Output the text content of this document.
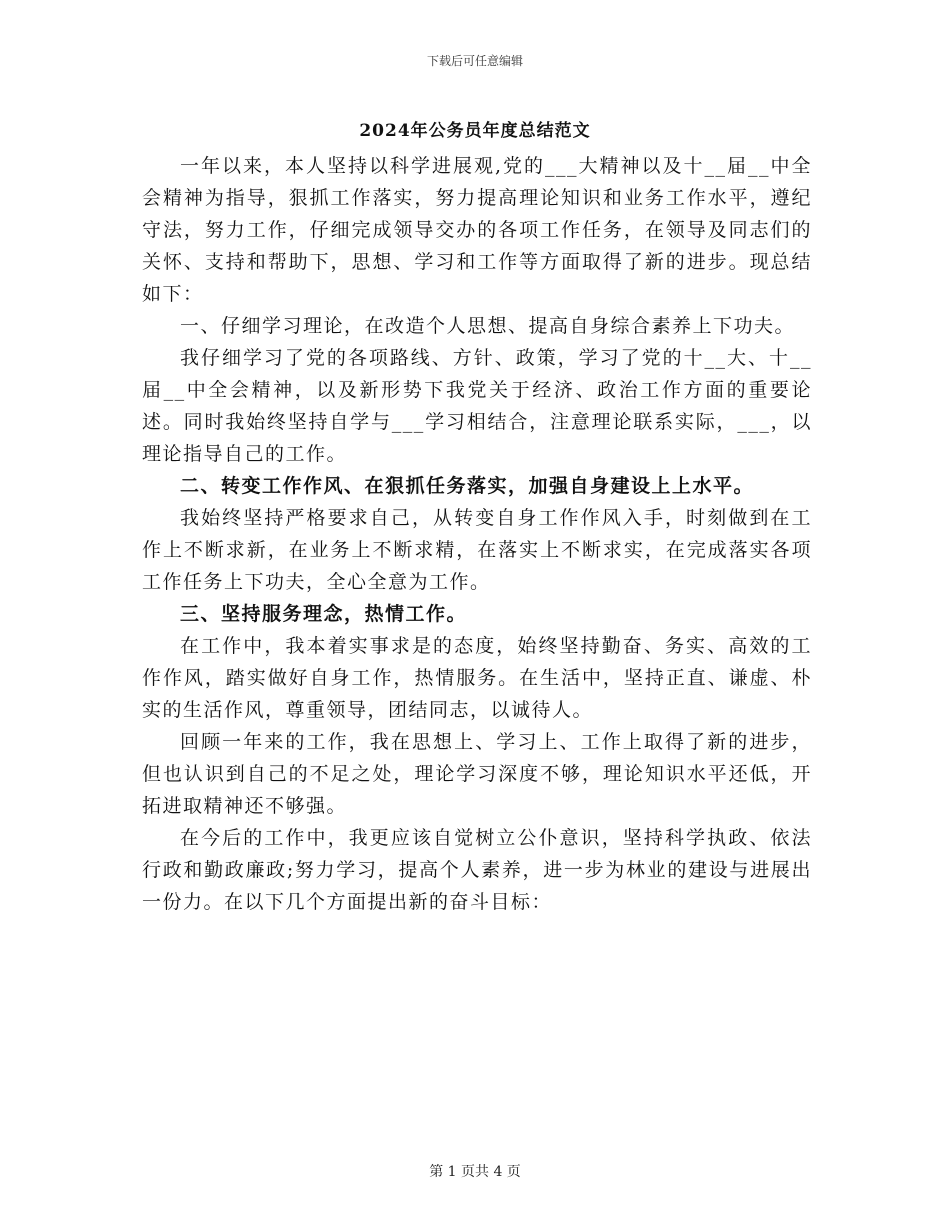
下载后可任意编辑
2024年公务员年度总结范文

一年以来，本人坚持以科学进展观,党的___大精神以及十__届__中全会精神为指导，狠抓工作落实，努力提高理论知识和业务工作水平，遵纪守法，努力工作，仔细完成领导交办的各项工作任务，在领导及同志们的关怀、支持和帮助下，思想、学习和工作等方面取得了新的进步。现总结如下：

一、仔细学习理论，在改造个人思想、提高自身综合素养上下功夫。

我仔细学习了党的各项路线、方针、政策，学习了党的十__大、十__届__中全会精神，以及新形势下我党关于经济、政治工作方面的重要论述。同时我始终坚持自学与___学习相结合，注意理论联系实际，___，以理论指导自己的工作。

二、转变工作作风、在狠抓任务落实，加强自身建设上上水平。

我始终坚持严格要求自己，从转变自身工作作风入手，时刻做到在工作上不断求新，在业务上不断求精，在落实上不断求实，在完成落实各项工作任务上下功夫，全心全意为工作。

三、坚持服务理念，热情工作。

在工作中，我本着实事求是的态度，始终坚持勤奋、务实、高效的工作作风，踏实做好自身工作，热情服务。在生活中，坚持正直、谦虚、朴实的生活作风，尊重领导，团结同志，以诚待人。

回顾一年来的工作，我在思想上、学习上、工作上取得了新的进步，但也认识到自己的不足之处，理论学习深度不够，理论知识水平还低，开拓进取精神还不够强。

在今后的工作中，我更应该自觉树立公仆意识，坚持科学执政、依法行政和勤政廉政;努力学习，提高个人素养，进一步为林业的建设与进展出一份力。在以下几个方面提出新的奋斗目标：

第 1 页共 4 页
